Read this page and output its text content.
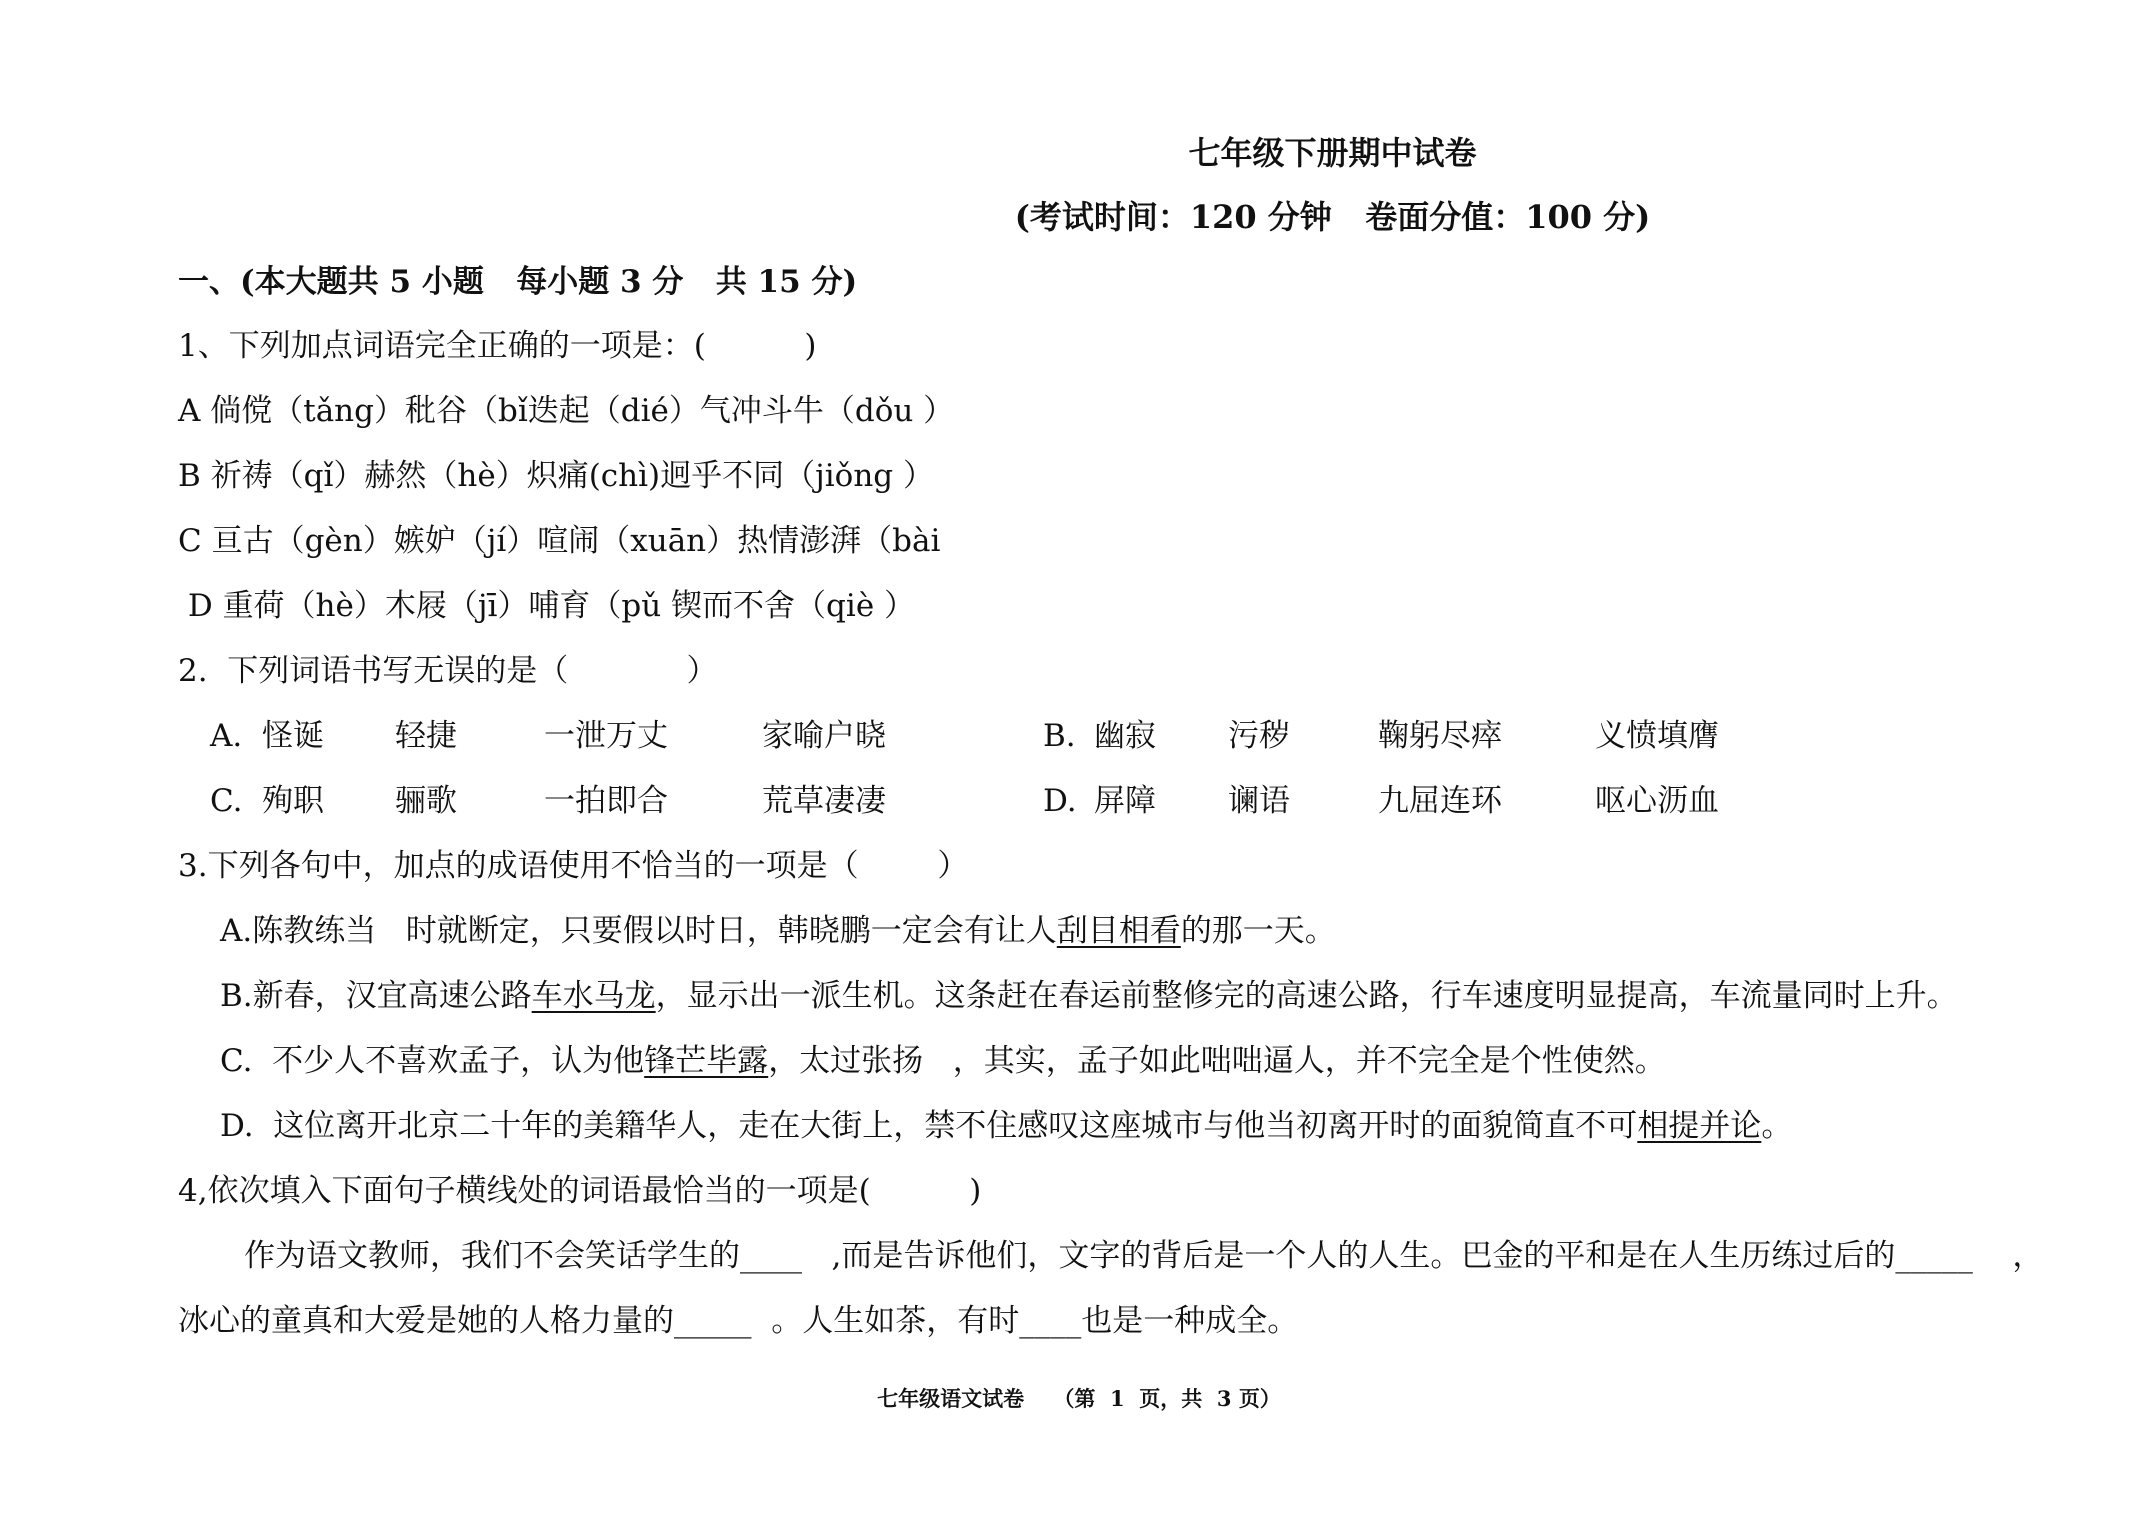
七年级下册期中试卷
(考试时间：120 分钟   卷面分值：100 分)
一、(本大题共 5 小题   每小题 3 分   共 15 分)
1、下列加点词语完全正确的一项是：(          )
A 倘傥（tǎng）秕谷（bǐ迭起（dié）气冲斗牛（dǒu ）
B 祈祷（qǐ）赫然（hè）炽痛(chì)迥乎不同（jiǒng ）
C 亘古（gèn）嫉妒（jí）喧闹（xuān）热情澎湃（bài
D 重荷（hè）木屐（jī）哺育（pǔ 锲而不舍（qiè ）
2.  下列词语书写无误的是（            ）
A. 怪诞 轻捷	一泄万丈	家喻户晓	B. 幽寂 污秽	鞠躬尽瘁	义愤填膺
C. 殉职 骊歌	一拍即合	荒草凄凄	D. 屏障 谰语	九屈连环	呕心沥血
3.下列各句中，加点的成语使用不恰当的一项是（        ）
A.陈教练当   时就断定，只要假以时日，韩晓鹏一定会有让人刮目相看的那一天。
B.新春，汉宜高速公路车水马龙，显示出一派生机。这条赶在春运前整修完的高速公路，行车速度明显提高，车流量同时上升。
C.  不少人不喜欢孟子，认为他锋芒毕露，太过张扬   ，其实，孟子如此咄咄逼人，并不完全是个性使然。
D.  这位离开北京二十年的美籍华人，走在大街上，禁不住感叹这座城市与他当初离开时的面貌简直不可相提并论。
4,依次填入下面句子横线处的词语最恰当的一项是(          )
作为语文教师，我们不会笑话学生的____   ,而是告诉他们，文字的背后是一个人的人生。巴金的平和是在人生历练过后的_____    ，
冰心的童真和大爱是她的人格力量的_____  。人生如茶，有时____也是一种成全。
七年级语文试卷    （第  1  页，共  3 页）
